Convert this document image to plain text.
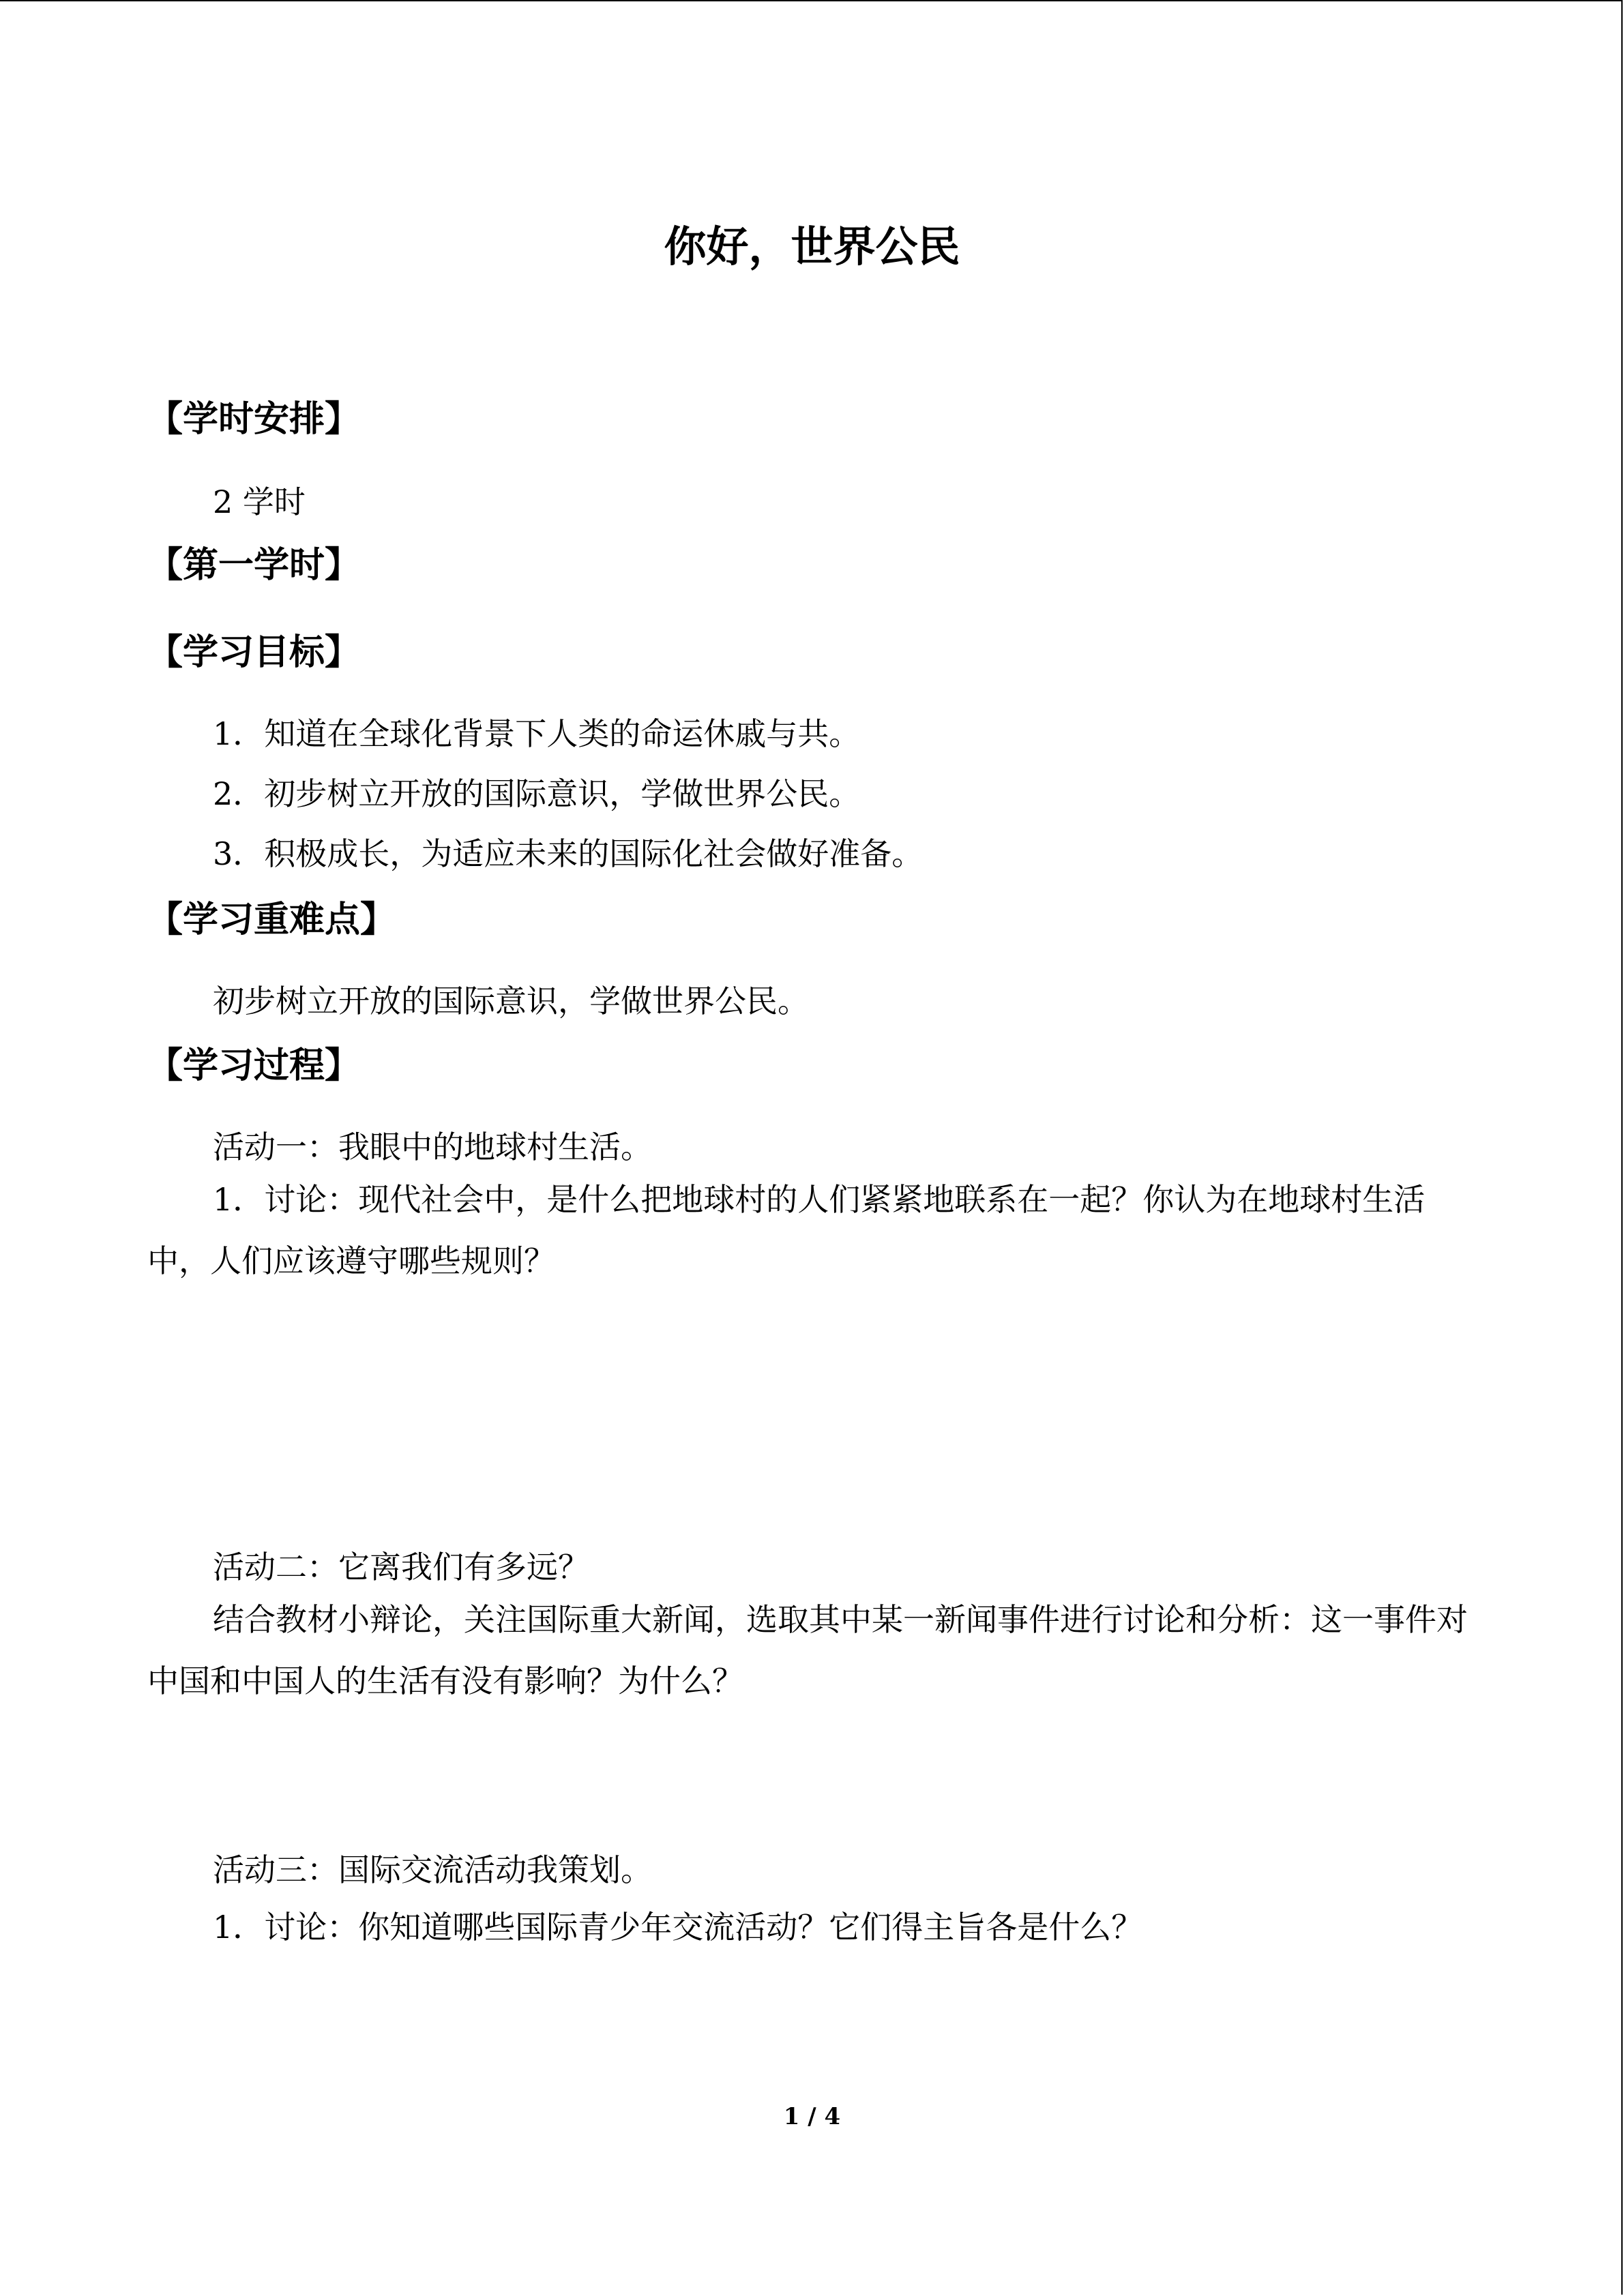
你好，世界公民
【学时安排】
2 学时
【第一学时】
【学习目标】
1．知道在全球化背景下人类的命运休戚与共。
2．初步树立开放的国际意识，学做世界公民。
3．积极成长，为适应未来的国际化社会做好准备。
【学习重难点】
初步树立开放的国际意识，学做世界公民。
【学习过程】
活动一：我眼中的地球村生活。
1．讨论：现代社会中，是什么把地球村的人们紧紧地联系在一起？你认为在地球村生活中，人们应该遵守哪些规则？
活动二：它离我们有多远？
结合教材小辩论，关注国际重大新闻，选取其中某一新闻事件进行讨论和分析：这一事件对中国和中国人的生活有没有影响？为什么？
活动三：国际交流活动我策划。
1．讨论：你知道哪些国际青少年交流活动？它们得主旨各是什么？
1 / 4
